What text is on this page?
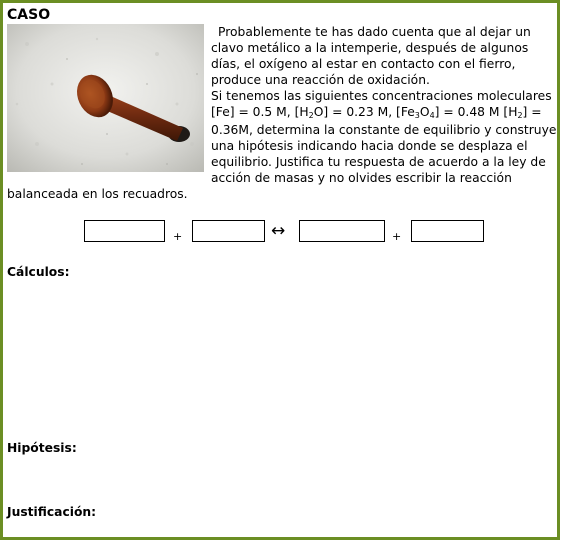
CASO

Probablemente te has dado cuenta que al dejar un clavo metálico a la intemperie, después de algunos días, el oxígeno al estar en contacto con el fierro, produce una reacción de oxidación.

Si tenemos las siguientes concentraciones moleculares [Fe] = 0.5 M, $[H_2O] = 0.23$ M, $[Fe_3O_4] = 0.48$ M $[H_2] = 0.36M$, determina la constante de equilibrio y construye una hipótesis indicando hacia donde se desplaza el equilibrio. Justifica tu respuesta de acuerdo a la ley de acción de masas y no olvides escribir la reacción balanceada en los recuadros.

+	↔	+
Cálculos:
Hipótesis:
Justificación:
